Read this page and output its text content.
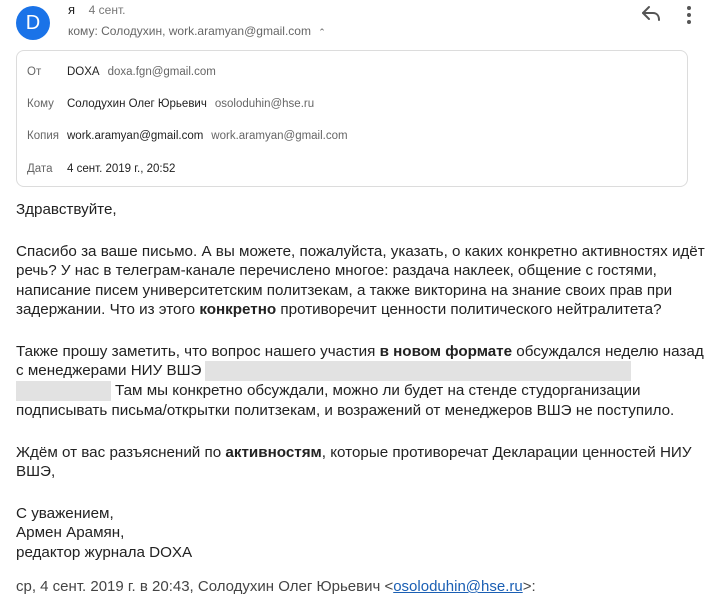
D
я 4 сент.
кому: Солодухин, work.aramyan@gmail.com ⌃
От DOXA doxa.fgn@gmail.com
Кому Солодухин Олег Юрьевич osoloduhin@hse.ru
Копия work.aramyan@gmail.com work.aramyan@gmail.com
Дата 4 сент. 2019 г., 20:52

Здравствуйте,

Спасибо за ваше письмо. А вы можете, пожалуйста, указать, о каких конкретно активностях идёт речь? У нас в телеграм-канале перечислено многое: раздача наклеек, общение с гостями, написание писем университетским политзекам, а также викторина на знание своих прав при задержании. Что из этого конкретно противоречит ценности политического нейтралитета?

Также прошу заметить, что вопрос нашего участия в новом формате обсуждался неделю назад с менеджерами НИУ ВШЭ
Там мы конкретно обсуждали, можно ли будет на стенде студорганизации подписывать письма/открытки политзекам, и возражений от менеджеров ВШЭ не поступило.

Ждём от вас разъяснений по активностям, которые противоречат Декларации ценностей НИУ ВШЭ,

С уважением,

Армен Арамян,

редактор журнала DOXA

ср, 4 сент. 2019 г. в 20:43, Солодухин Олег Юрьевич <osoloduhin@hse.ru>:
